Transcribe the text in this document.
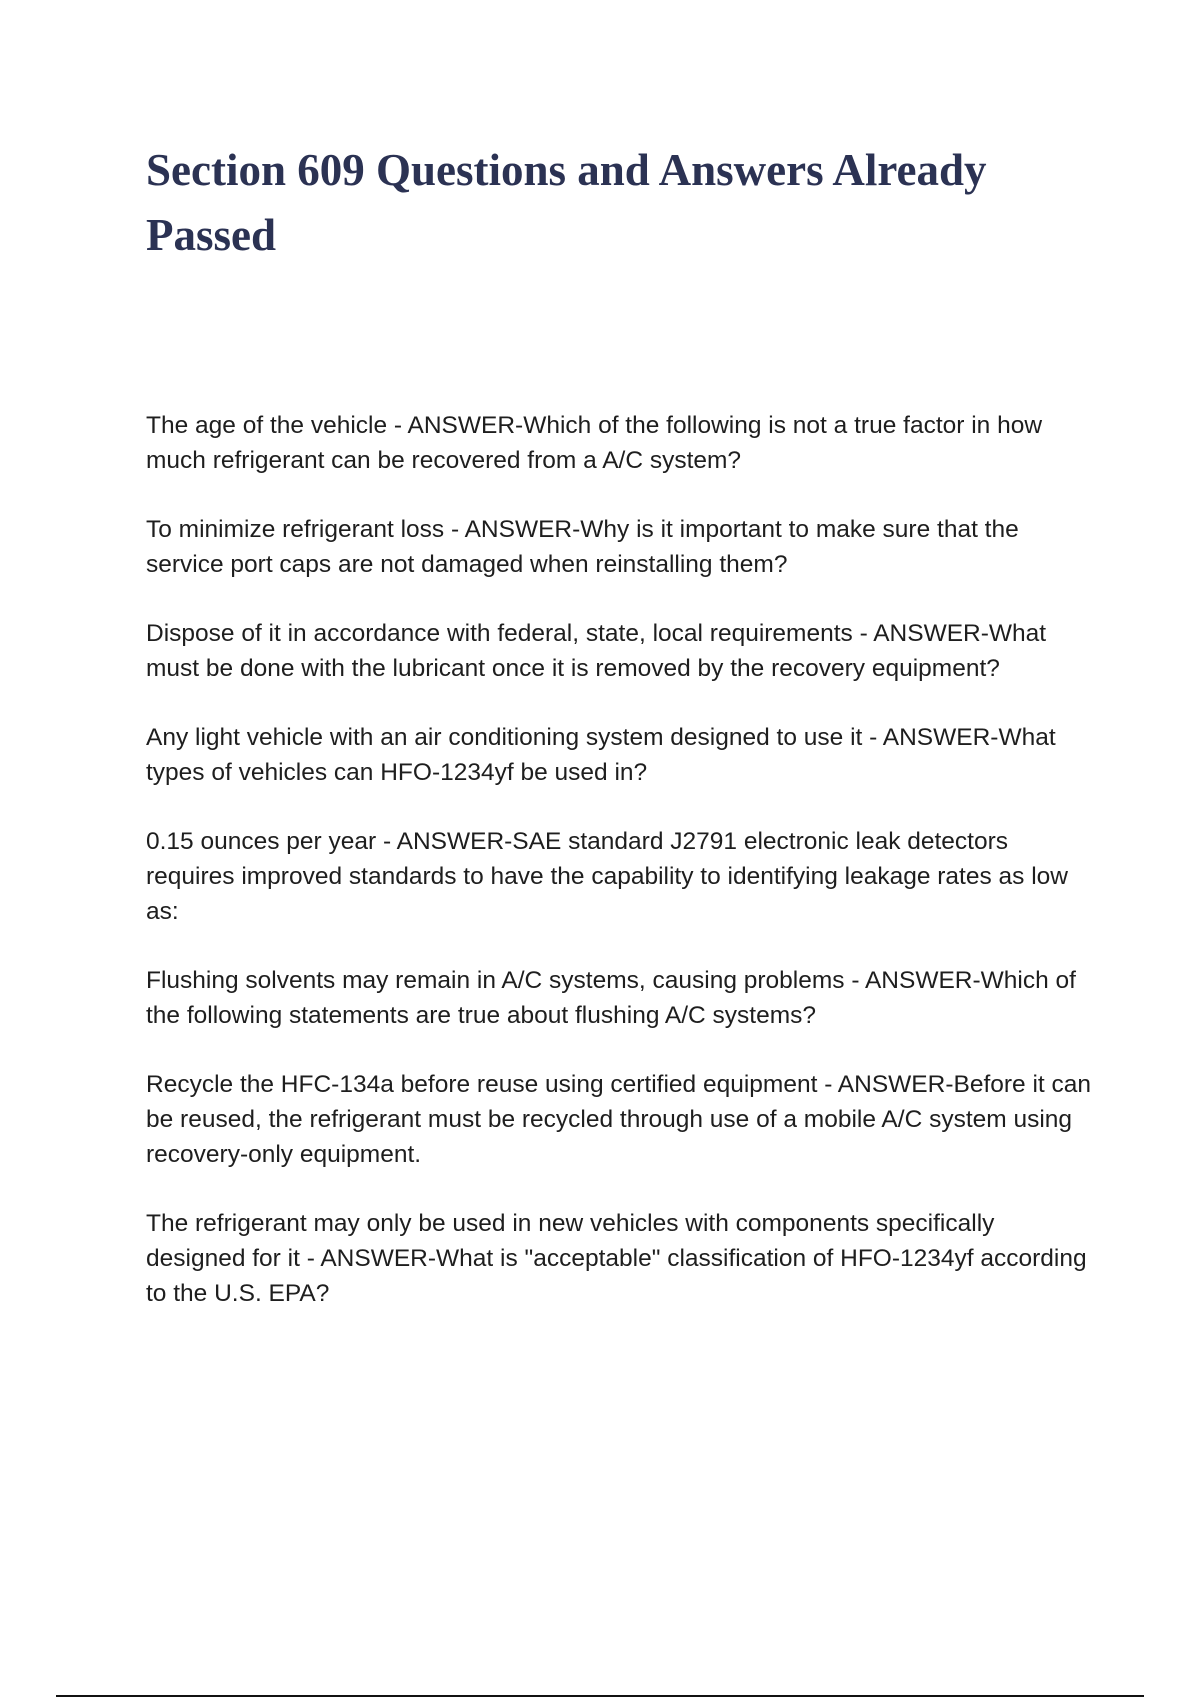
Section 609 Questions and Answers Already Passed

The age of the vehicle - ANSWER-Which of the following is not a true factor in how much refrigerant can be recovered from a A/C system?

To minimize refrigerant loss - ANSWER-Why is it important to make sure that the service port caps are not damaged when reinstalling them?

Dispose of it in accordance with federal, state, local requirements - ANSWER-What must be done with the lubricant once it is removed by the recovery equipment?

Any light vehicle with an air conditioning system designed to use it - ANSWER-What types of vehicles can HFO-1234yf be used in?

0.15 ounces per year - ANSWER-SAE standard J2791 electronic leak detectors requires improved standards to have the capability to identifying leakage rates as low as:

Flushing solvents may remain in A/C systems, causing problems - ANSWER-Which of the following statements are true about flushing A/C systems?

Recycle the HFC-134a before reuse using certified equipment - ANSWER-Before it can be reused, the refrigerant must be recycled through use of a mobile A/C system using recovery-only equipment.

The refrigerant may only be used in new vehicles with components specifically designed for it - ANSWER-What is "acceptable" classification of HFO-1234yf according to the U.S. EPA?
